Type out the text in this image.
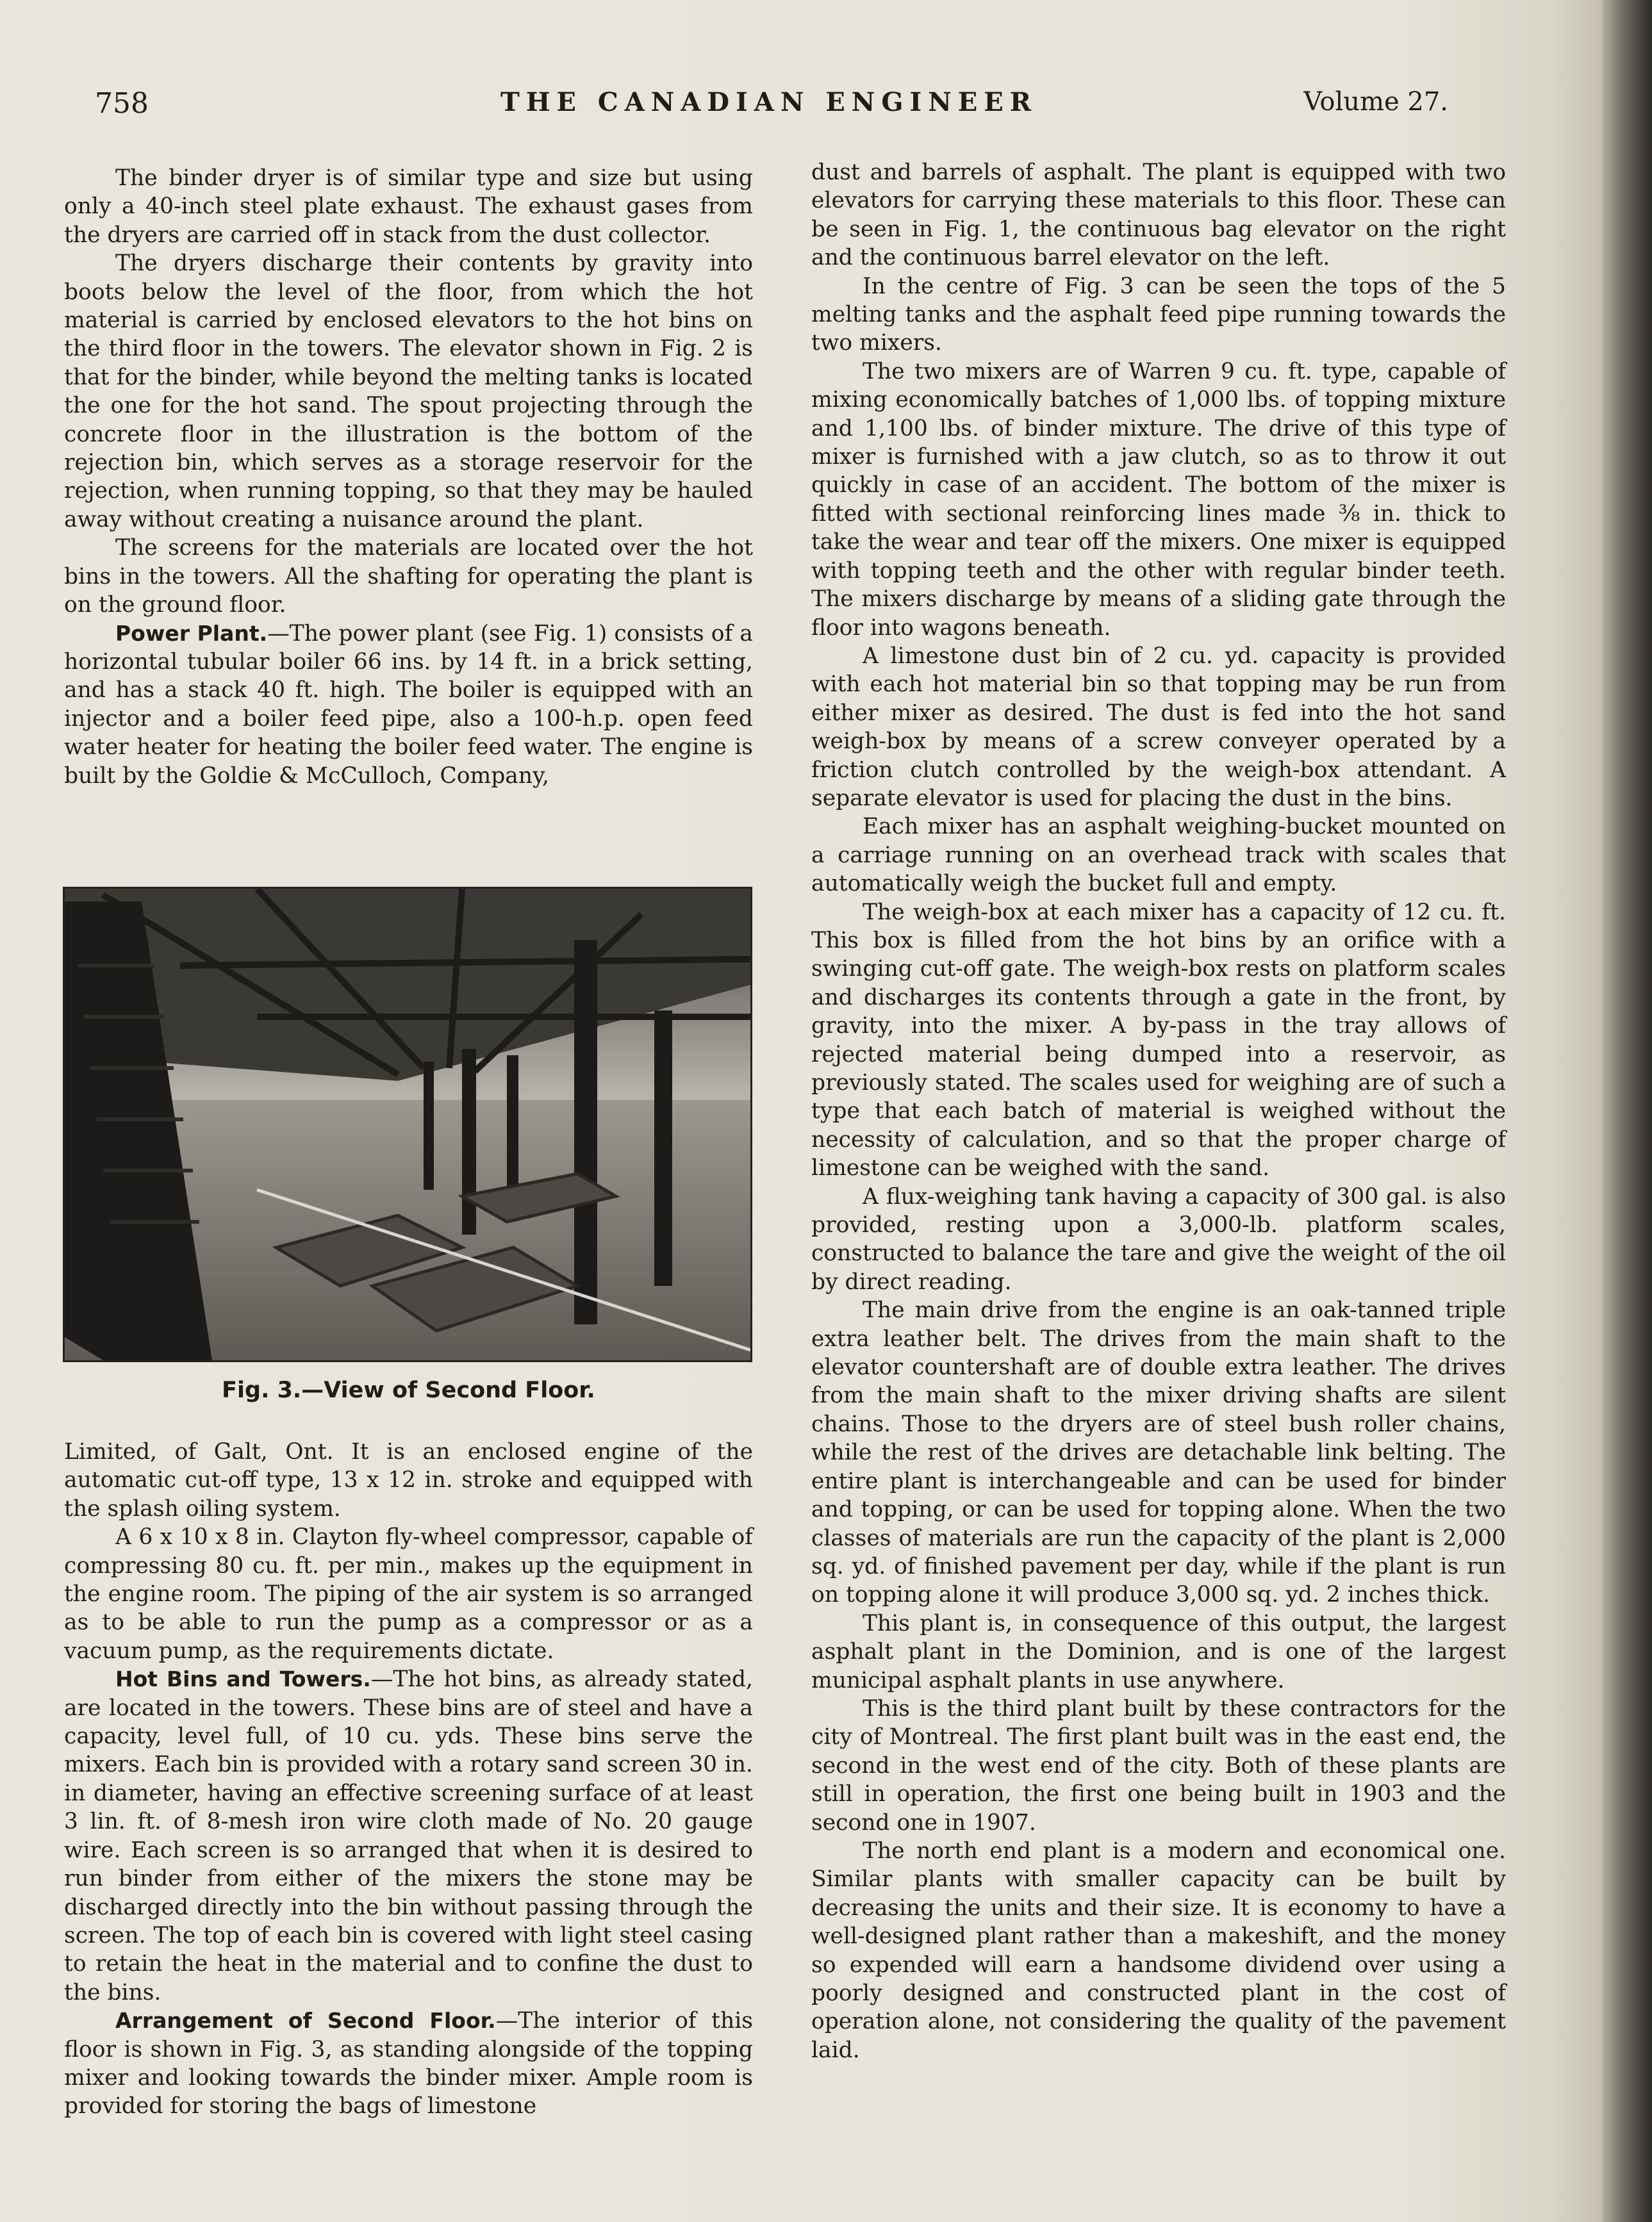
758	THE CANADIAN ENGINEER	Volume 27.

The binder dryer is of similar type and size but using only a 40-inch steel plate exhaust. The exhaust gases from the dryers are carried off in stack from the dust collector.

The dryers discharge their contents by gravity into boots below the level of the floor, from which the hot material is carried by enclosed elevators to the hot bins on the third floor in the towers. The elevator shown in Fig. 2 is that for the binder, while beyond the melting tanks is located the one for the hot sand. The spout projecting through the concrete floor in the illustration is the bottom of the rejection bin, which serves as a storage reservoir for the rejection, when running topping, so that they may be hauled away without creating a nuisance around the plant.

The screens for the materials are located over the hot bins in the towers. All the shafting for operating the plant is on the ground floor.

Power Plant.—The power plant (see Fig. 1) consists of a horizontal tubular boiler 66 ins. by 14 ft. in a brick setting, and has a stack 40 ft. high. The boiler is equipped with an injector and a boiler feed pipe, also a 100-h.p. open feed water heater for heating the boiler feed water. The engine is built by the Goldie & McCulloch, Company,

Fig. 3.—View of Second Floor.

Limited, of Galt, Ont. It is an enclosed engine of the automatic cut-off type, 13 x 12 in. stroke and equipped with the splash oiling system.

A 6 x 10 x 8 in. Clayton fly-wheel compressor, capable of compressing 80 cu. ft. per min., makes up the equipment in the engine room. The piping of the air system is so arranged as to be able to run the pump as a compressor or as a vacuum pump, as the requirements dictate.

Hot Bins and Towers.—The hot bins, as already stated, are located in the towers. These bins are of steel and have a capacity, level full, of 10 cu. yds. These bins serve the mixers. Each bin is provided with a rotary sand screen 30 in. in diameter, having an effective screening surface of at least 3 lin. ft. of 8-mesh iron wire cloth made of No. 20 gauge wire. Each screen is so arranged that when it is desired to run binder from either of the mixers the stone may be discharged directly into the bin without passing through the screen. The top of each bin is covered with light steel casing to retain the heat in the material and to confine the dust to the bins.

Arrangement of Second Floor.—The interior of this floor is shown in Fig. 3, as standing alongside of the topping mixer and looking towards the binder mixer. Ample room is provided for storing the bags of limestone

dust and barrels of asphalt. The plant is equipped with two elevators for carrying these materials to this floor. These can be seen in Fig. 1, the continuous bag elevator on the right and the continuous barrel elevator on the left.

In the centre of Fig. 3 can be seen the tops of the 5 melting tanks and the asphalt feed pipe running towards the two mixers.

The two mixers are of Warren 9 cu. ft. type, capable of mixing economically batches of 1,000 lbs. of topping mixture and 1,100 lbs. of binder mixture. The drive of this type of mixer is furnished with a jaw clutch, so as to throw it out quickly in case of an accident. The bottom of the mixer is fitted with sectional reinforcing lines made ⅜ in. thick to take the wear and tear off the mixers. One mixer is equipped with topping teeth and the other with regular binder teeth. The mixers discharge by means of a sliding gate through the floor into wagons beneath.

A limestone dust bin of 2 cu. yd. capacity is provided with each hot material bin so that topping may be run from either mixer as desired. The dust is fed into the hot sand weigh-box by means of a screw conveyer operated by a friction clutch controlled by the weigh-box attendant. A separate elevator is used for placing the dust in the bins.

Each mixer has an asphalt weighing-bucket mounted on a carriage running on an overhead track with scales that automatically weigh the bucket full and empty.

The weigh-box at each mixer has a capacity of 12 cu. ft. This box is filled from the hot bins by an orifice with a swinging cut-off gate. The weigh-box rests on platform scales and discharges its contents through a gate in the front, by gravity, into the mixer. A by-pass in the tray allows of rejected material being dumped into a reservoir, as previously stated. The scales used for weighing are of such a type that each batch of material is weighed without the necessity of calculation, and so that the proper charge of limestone can be weighed with the sand.

A flux-weighing tank having a capacity of 300 gal. is also provided, resting upon a 3,000-lb. platform scales, constructed to balance the tare and give the weight of the oil by direct reading.

The main drive from the engine is an oak-tanned triple extra leather belt. The drives from the main shaft to the elevator countershaft are of double extra leather. The drives from the main shaft to the mixer driving shafts are silent chains. Those to the dryers are of steel bush roller chains, while the rest of the drives are detachable link belting. The entire plant is interchangeable and can be used for binder and topping, or can be used for topping alone. When the two classes of materials are run the capacity of the plant is 2,000 sq. yd. of finished pavement per day, while if the plant is run on topping alone it will produce 3,000 sq. yd. 2 inches thick.

This plant is, in consequence of this output, the largest asphalt plant in the Dominion, and is one of the largest municipal asphalt plants in use anywhere.

This is the third plant built by these contractors for the city of Montreal. The first plant built was in the east end, the second in the west end of the city. Both of these plants are still in operation, the first one being built in 1903 and the second one in 1907.

The north end plant is a modern and economical one. Similar plants with smaller capacity can be built by decreasing the units and their size. It is economy to have a well-designed plant rather than a makeshift, and the money so expended will earn a handsome dividend over using a poorly designed and constructed plant in the cost of operation alone, not considering the quality of the pavement laid.
